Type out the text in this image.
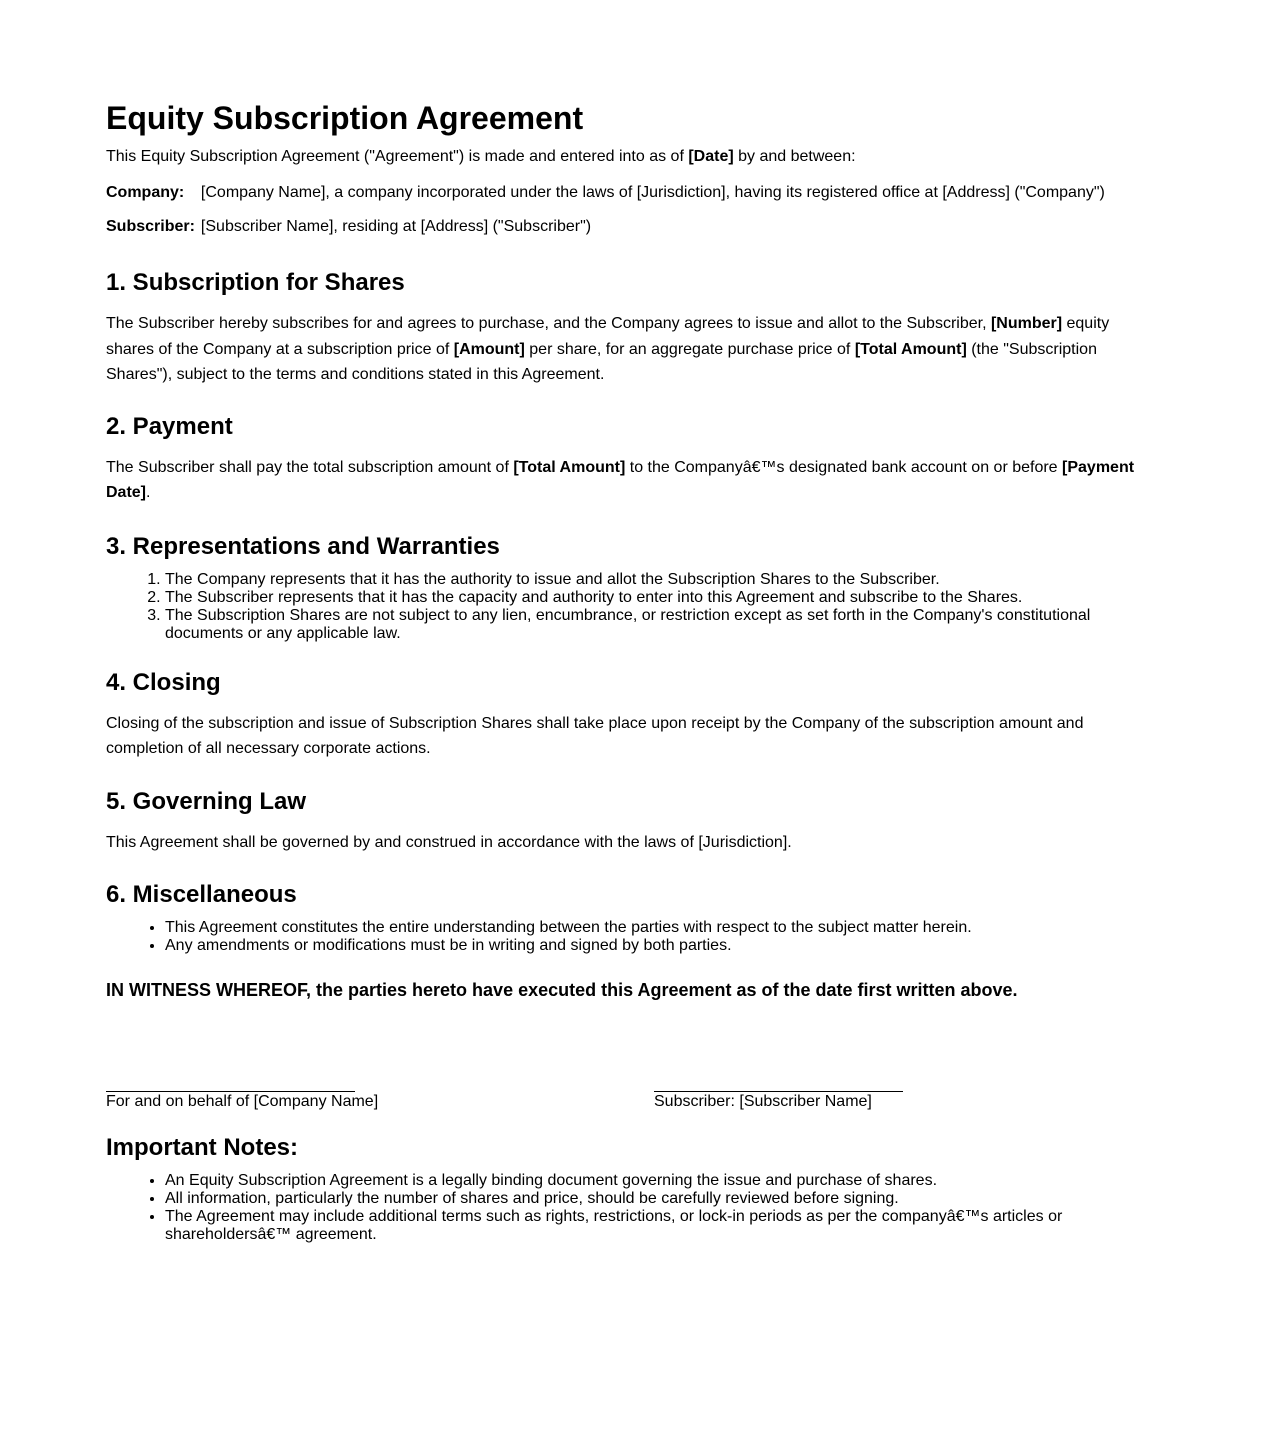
Equity Subscription Agreement

This Equity Subscription Agreement ("Agreement") is made and entered into as of [Date] by and between:

Company:	[Company Name], a company incorporated under the laws of [Jurisdiction], having its registered office at [Address] ("Company")
Subscriber:	[Subscriber Name], residing at [Address] ("Subscriber")
1. Subscription for Shares

The Subscriber hereby subscribes for and agrees to purchase, and the Company agrees to issue and allot to the Subscriber, [Number] equity shares of the Company at a subscription price of [Amount] per share, for an aggregate purchase price of [Total Amount] (the "Subscription Shares"), subject to the terms and conditions stated in this Agreement.

2. Payment

The Subscriber shall pay the total subscription amount of [Total Amount] to the Companyâ€™s designated bank account on or before [Payment Date].

3. Representations and Warranties
1. The Company represents that it has the authority to issue and allot the Subscription Shares to the Subscriber.
2. The Subscriber represents that it has the capacity and authority to enter into this Agreement and subscribe to the Shares.
3. The Subscription Shares are not subject to any lien, encumbrance, or restriction except as set forth in the Company's constitutional documents or any applicable law.
4. Closing

Closing of the subscription and issue of Subscription Shares shall take place upon receipt by the Company of the subscription amount and completion of all necessary corporate actions.

5. Governing Law

This Agreement shall be governed by and construed in accordance with the laws of [Jurisdiction].

6. Miscellaneous
• This Agreement constitutes the entire understanding between the parties with respect to the subject matter herein.
• Any amendments or modifications must be in writing and signed by both parties.

IN WITNESS WHEREOF, the parties hereto have executed this Agreement as of the date first written above.

For and on behalf of [Company Name]	Subscriber: [Subscriber Name]
Important Notes:
• An Equity Subscription Agreement is a legally binding document governing the issue and purchase of shares.
• All information, particularly the number of shares and price, should be carefully reviewed before signing.
• The Agreement may include additional terms such as rights, restrictions, or lock-in periods as per the companyâ€™s articles or shareholdersâ€™ agreement.
